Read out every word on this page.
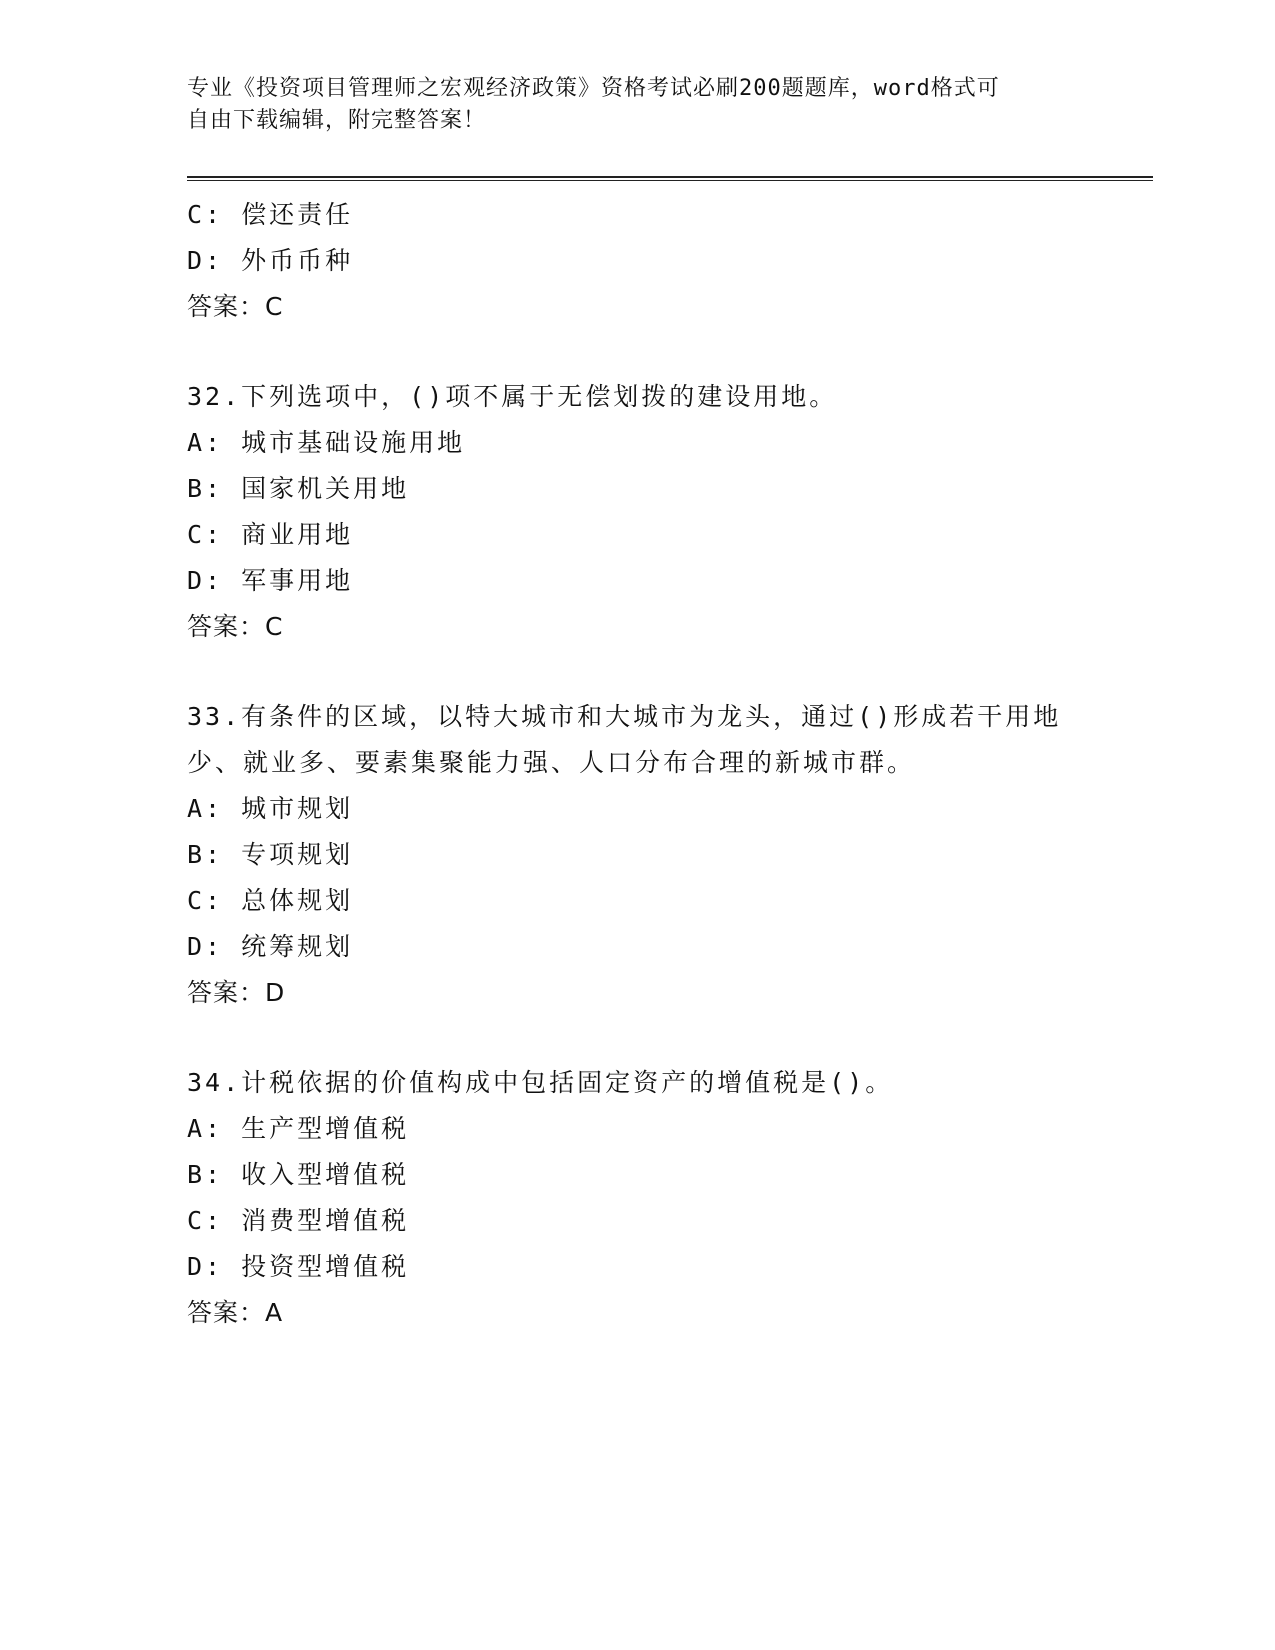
专业《投资项目管理师之宏观经济政策》资格考试必刷200题题库，word格式可
自由下载编辑，附完整答案！
C: 偿还责任
D: 外币币种
答案：C
32.下列选项中，()项不属于无偿划拨的建设用地。
A: 城市基础设施用地
B: 国家机关用地
C: 商业用地
D: 军事用地
答案：C
33.有条件的区域，以特大城市和大城市为龙头，通过()形成若干用地
少、就业多、要素集聚能力强、人口分布合理的新城市群。
A: 城市规划
B: 专项规划
C: 总体规划
D: 统筹规划
答案：D
34.计税依据的价值构成中包括固定资产的增值税是()。
A: 生产型增值税
B: 收入型增值税
C: 消费型增值税
D: 投资型增值税
答案：A
